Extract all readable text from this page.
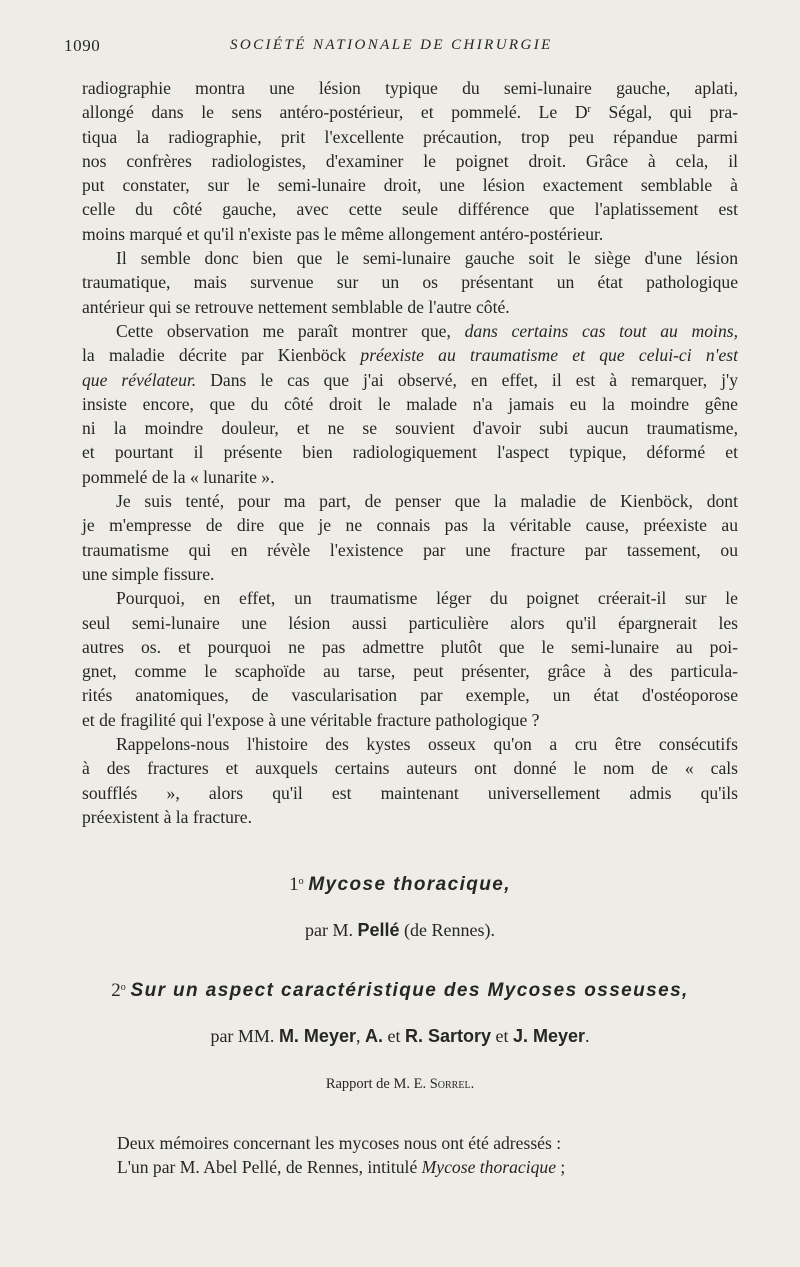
1090	SOCIÉTÉ NATIONALE DE CHIRURGIE
radiographie montra une lésion typique du semi-lunaire gauche, aplati,
allongé dans le sens antéro-postérieur, et pommelé. Le $D^r$ Ségal, qui pra-
tiqua la radiographie, prit l'excellente précaution, trop peu répandue parmi
nos confrères radiologistes, d'examiner le poignet droit. Grâce à cela, il
put constater, sur le semi-lunaire droit, une lésion exactement semblable à
celle du côté gauche, avec cette seule différence que l'aplatissement est
moins marqué et qu'il n'existe pas le même allongement antéro-postérieur.
Il semble donc bien que le semi-lunaire gauche soit le siège d'une lésion
traumatique, mais survenue sur un os présentant un état pathologique
antérieur qui se retrouve nettement semblable de l'autre côté.
Cette observation me paraît montrer que, dans certains cas tout au moins,
la maladie décrite par Kienböck préexiste au traumatisme et que celui-ci n'est
que révélateur. Dans le cas que j'ai observé, en effet, il est à remarquer, j'y
insiste encore, que du côté droit le malade n'a jamais eu la moindre gêne
ni la moindre douleur, et ne se souvient d'avoir subi aucun traumatisme,
et pourtant il présente bien radiologiquement l'aspect typique, déformé et
pommelé de la « lunarite ».
Je suis tenté, pour ma part, de penser que la maladie de Kienböck, dont
je m'empresse de dire que je ne connais pas la véritable cause, préexiste au
traumatisme qui en révèle l'existence par une fracture par tassement, ou
une simple fissure.
Pourquoi, en effet, un traumatisme léger du poignet créerait-il sur le
seul semi-lunaire une lésion aussi particulière alors qu'il épargnerait les
autres os. et pourquoi ne pas admettre plutôt que le semi-lunaire au poi-
gnet, comme le scaphoïde au tarse, peut présenter, grâce à des particula-
rités anatomiques, de vascularisation par exemple, un état d'ostéoporose
et de fragilité qui l'expose à une véritable fracture pathologique ?
Rappelons-nous l'histoire des kystes osseux qu'on a cru être consécutifs
à des fractures et auxquels certains auteurs ont donné le nom de « cals
soufflés », alors qu'il est maintenant universellement admis qu'ils
préexistent à la fracture.
1$^o$ Mycose thoracique,
par M. Pellé (de Rennes).
2$^o$ Sur un aspect caractéristique des Mycoses osseuses,
par MM. M. Meyer, A. et R. Sartory et J. Meyer.
Rapport de M. E. Sorrel.
Deux mémoires concernant les mycoses nous ont été adressés :
L'un par M. Abel Pellé, de Rennes, intitulé Mycose thoracique ;
